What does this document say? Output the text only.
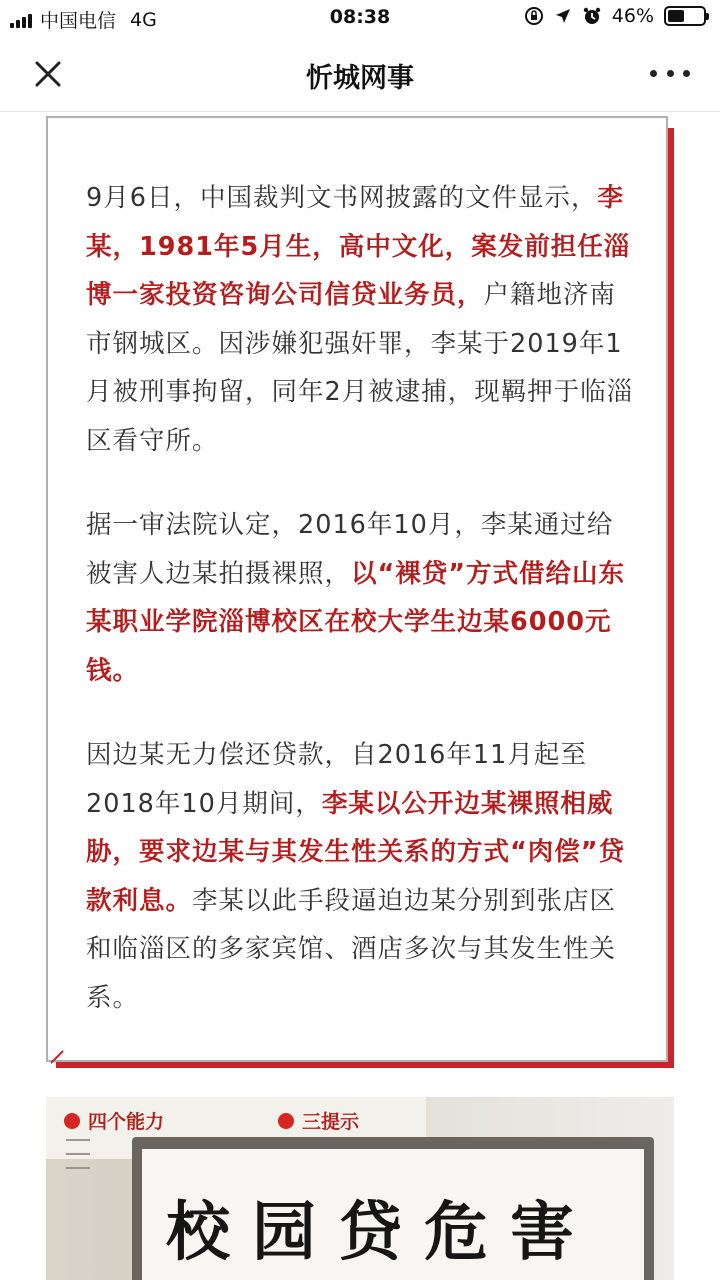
中国电信 4G	08:38	46%
忻城网事

9月6日，中国裁判文书网披露的文件显示，李某，1981年5月生，高中文化，案发前担任淄博一家投资咨询公司信贷业务员，户籍地济南市钢城区。因涉嫌犯强奸罪，李某于2019年1月被刑事拘留，同年2月被逮捕，现羁押于临淄区看守所。

据一审法院认定，2016年10月，李某通过给被害人边某拍摄裸照，以“裸贷”方式借给山东某职业学院淄博校区在校大学生边某6000元钱。

因边某无力偿还贷款，自2016年11月起至2018年10月期间，李某以公开边某裸照相威胁，要求边某与其发生性关系的方式“肉偿”贷款利息。李某以此手段逼迫边某分别到张店区和临淄区的多家宾馆、酒店多次与其发生性关系。

四个能力	三提示
校园贷危害
